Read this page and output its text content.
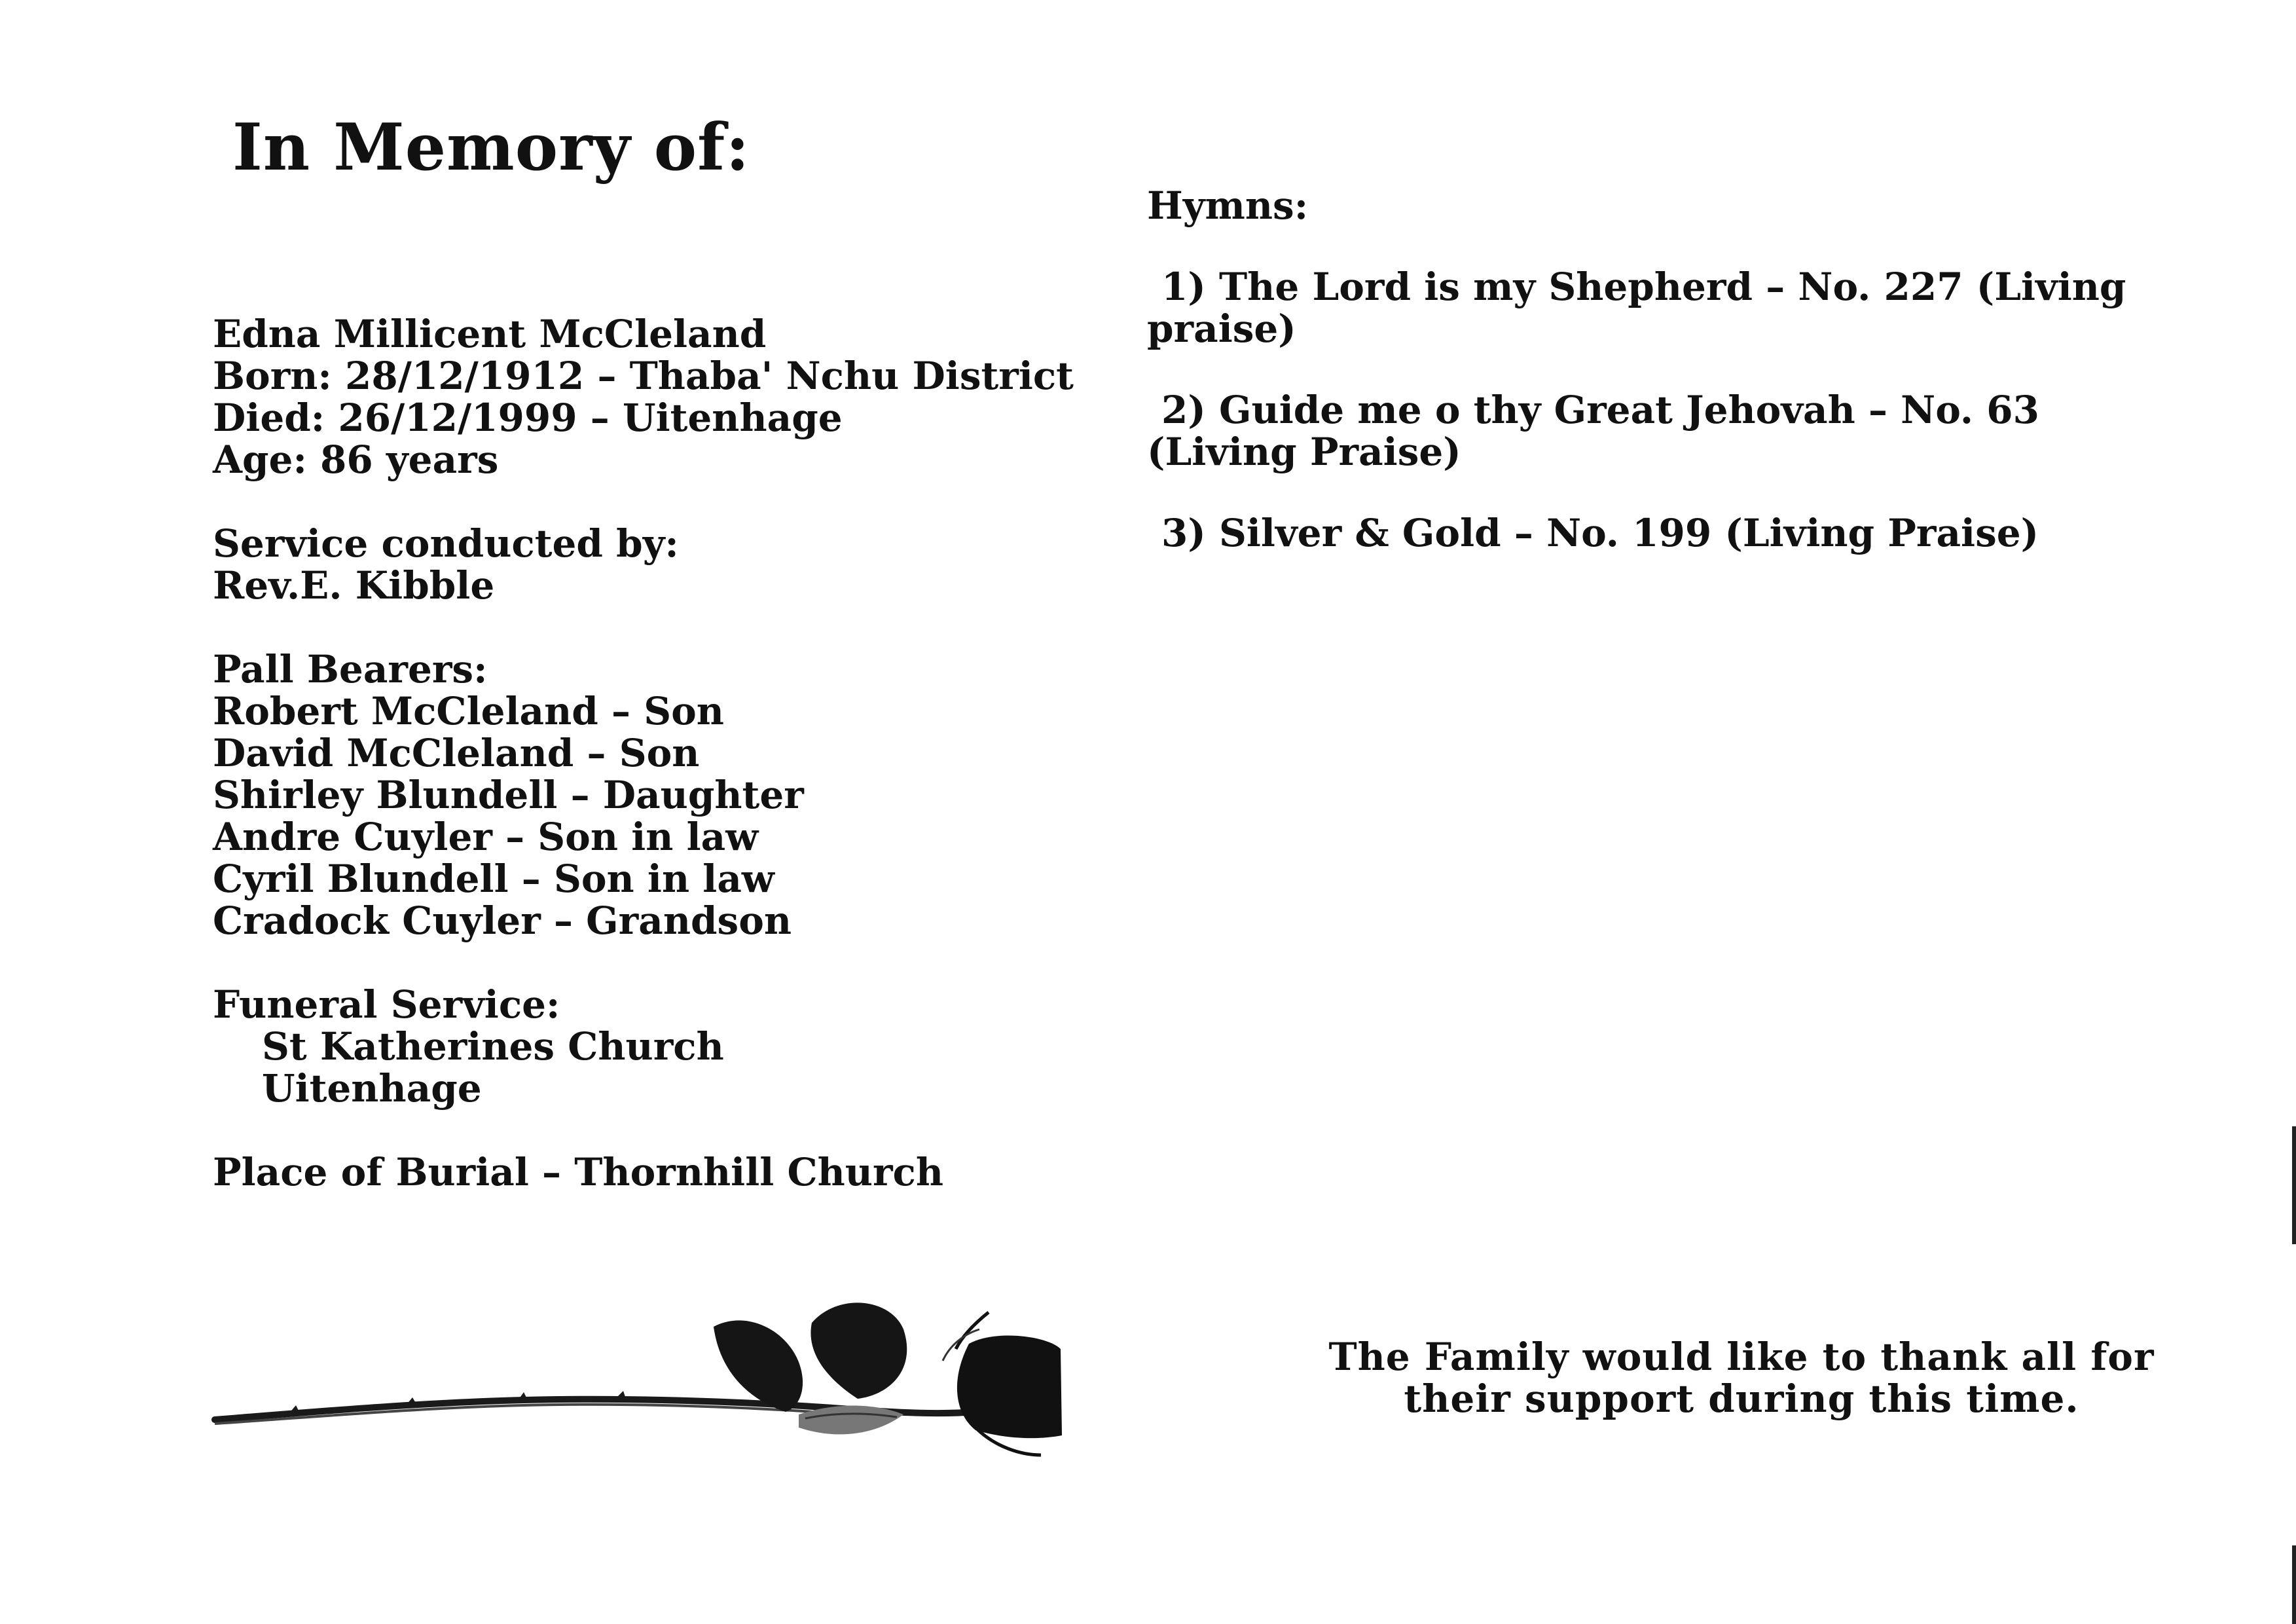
In Memory of:
Edna Millicent McCleland
Born: 28/12/1912 – Thaba' Nchu District
Died: 26/12/1999 – Uitenhage
Age: 86 years
Service conducted by:
Rev.E. Kibble
Pall Bearers:
Robert McCleland – Son
David McCleland – Son
Shirley Blundell – Daughter
Andre Cuyler – Son in law
Cyril Blundell – Son in law
Cradock Cuyler – Grandson
Funeral Service:
St Katherines Church
Uitenhage
Place of Burial – Thornhill Church
Hymns:
1) The Lord is my Shepherd – No. 227 (Living praise)
2) Guide me o thy Great Jehovah – No. 63 (Living Praise)
3) Silver & Gold – No. 199 (Living Praise)
The Family would like to thank all for
their support during this time.
